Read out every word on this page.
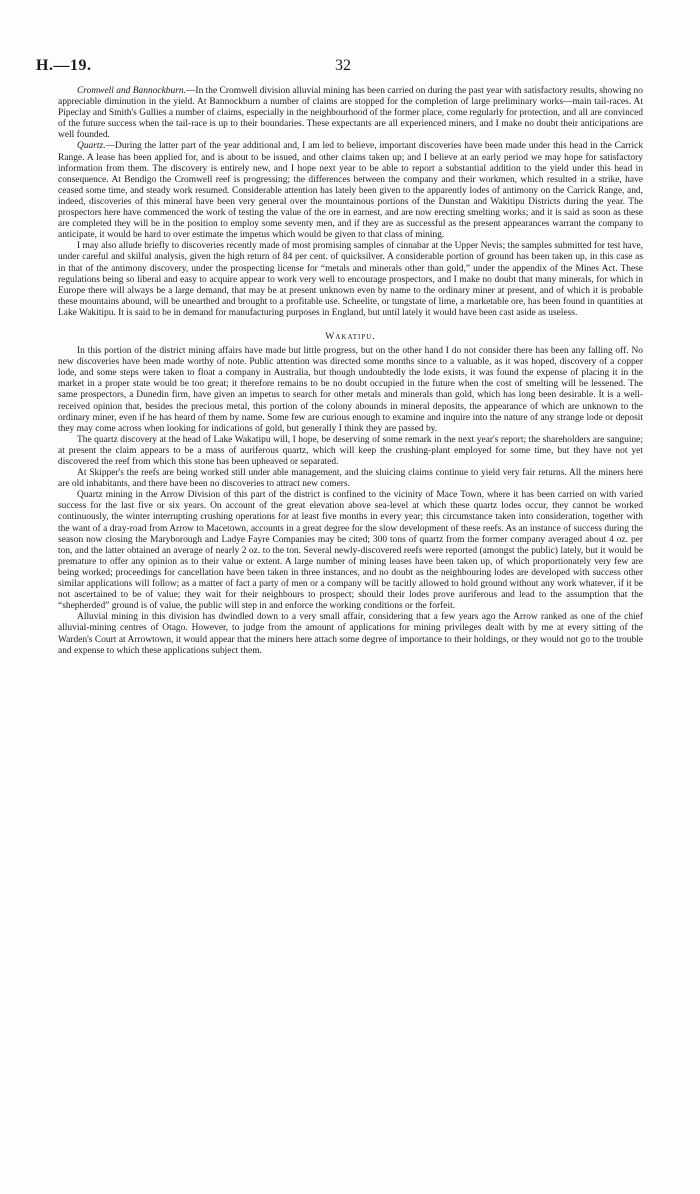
H.—19.	32

Cromwell and Bannockburn.—In the Cromwell division alluvial mining has been carried on during the past year with satisfactory results, showing no appreciable diminution in the yield. At Bannockburn a number of claims are stopped for the completion of large preliminary works—main tail-races. At Pipeclay and Smith's Gullies a number of claims, especially in the neighbourhood of the former place, come regularly for protection, and all are convinced of the future success when the tail-race is up to their boundaries. These expectants are all experienced miners, and I make no doubt their anticipations are well founded.

Quartz.—During the latter part of the year additional and, I am led to believe, important discoveries have been made under this head in the Carrick Range. A lease has been applied for, and is about to be issued, and other claims taken up; and I believe at an early period we may hope for satisfactory information from them. The discovery is entirely new, and I hope next year to be able to report a substantial addition to the yield under this head in consequence. At Bendigo the Cromwell reef is progressing; the differences between the company and their workmen, which resulted in a strike, have ceased some time, and steady work resumed. Considerable attention has lately been given to the apparently lodes of antimony on the Carrick Range, and, indeed, discoveries of this mineral have been very general over the mountainous portions of the Dunstan and Wakitipu Districts during the year. The prospectors here have commenced the work of testing the value of the ore in earnest, and are now erecting smelting works; and it is said as soon as these are completed they will be in the position to employ some seventy men, and if they are as successful as the present appearances warrant the company to anticipate, it would be hard to over estimate the impetus which would be given to that class of mining.

I may also allude briefly to discoveries recently made of most promising samples of cinnabar at the Upper Nevis; the samples submitted for test have, under careful and skilful analysis, given the high return of 84 per cent. of quicksilver. A considerable portion of ground has been taken up, in this case as in that of the antimony discovery, under the prospecting license for “metals and minerals other than gold,” under the appendix of the Mines Act. These regulations being so liberal and easy to acquire appear to work very well to encourage prospectors, and I make no doubt that many minerals, for which in Europe there will always be a large demand, that may be at present unknown even by name to the ordinary miner at present, and of which it is probable these mountains abound, will be unearthed and brought to a profitable use. Scheelite, or tungstate of lime, a marketable ore, has been found in quantities at Lake Wakitipu. It is said to be in demand for manufacturing purposes in England, but until lately it would have been cast aside as useless.

Wakatipu.

In this portion of the district mining affairs have made but little progress, but on the other hand I do not consider there has been any falling off. No new discoveries have been made worthy of note. Public attention was directed some months since to a valuable, as it was hoped, discovery of a copper lode, and some steps were taken to float a company in Australia, but though undoubtedly the lode exists, it was found the expense of placing it in the market in a proper state would be too great; it therefore remains to be no doubt occupied in the future when the cost of smelting will be lessened. The same prospectors, a Dunedin firm, have given an impetus to search for other metals and minerals than gold, which has long been desirable. It is a well-received opinion that, besides the precious metal, this portion of the colony abounds in mineral deposits, the appearance of which are unknown to the ordinary miner, even if he has heard of them by name. Some few are curious enough to examine and inquire into the nature of any strange lode or deposit they may come across when looking for indications of gold, but generally I think they are passed by.

The quartz discovery at the head of Lake Wakatipu will, I hope, be deserving of some remark in the next year's report; the shareholders are sanguine; at present the claim appears to be a mass of auriferous quartz, which will keep the crushing-plant employed for some time, but they have not yet discovered the reef from which this stone has been upheaved or separated.

At Skipper's the reefs are being worked still under able management, and the sluicing claims continue to yield very fair returns. All the miners here are old inhabitants, and there have been no discoveries to attract new comers.

Quartz mining in the Arrow Division of this part of the district is confined to the vicinity of Mace Town, where it has been carried on with varied success for the last five or six years. On account of the great elevation above sea-level at which these quartz lodes occur, they cannot be worked continuously, the winter interrupting crushing operations for at least five months in every year; this circumstance taken into consideration, together with the want of a dray-road from Arrow to Macetown, accounts in a great degree for the slow development of these reefs. As an instance of success during the season now closing the Maryborough and Ladye Fayre Companies may be cited; 300 tons of quartz from the former company averaged about 4 oz. per ton, and the latter obtained an average of nearly 2 oz. to the ton. Several newly-discovered reefs were reported (amongst the public) lately, but it would be premature to offer any opinion as to their value or extent. A large number of mining leases have been taken up, of which proportionately very few are being worked; proceedings for cancellation have been taken in three instances, and no doubt as the neighbouring lodes are developed with success other similar applications will follow; as a matter of fact a party of men or a company will be tacitly allowed to hold ground without any work whatever, if it be not ascertained to be of value; they wait for their neighbours to prospect; should their lodes prove auriferous and lead to the assumption that the “shepherded” ground is of value, the public will step in and enforce the working conditions or the forfeit.

Alluvial mining in this division has dwindled down to a very small affair, considering that a few years ago the Arrow ranked as one of the chief alluvial-mining centres of Otago. However, to judge from the amount of applications for mining privileges dealt with by me at every sitting of the Warden's Court at Arrowtown, it would appear that the miners here attach some degree of importance to their holdings, or they would not go to the trouble and expense to which these applications subject them.
